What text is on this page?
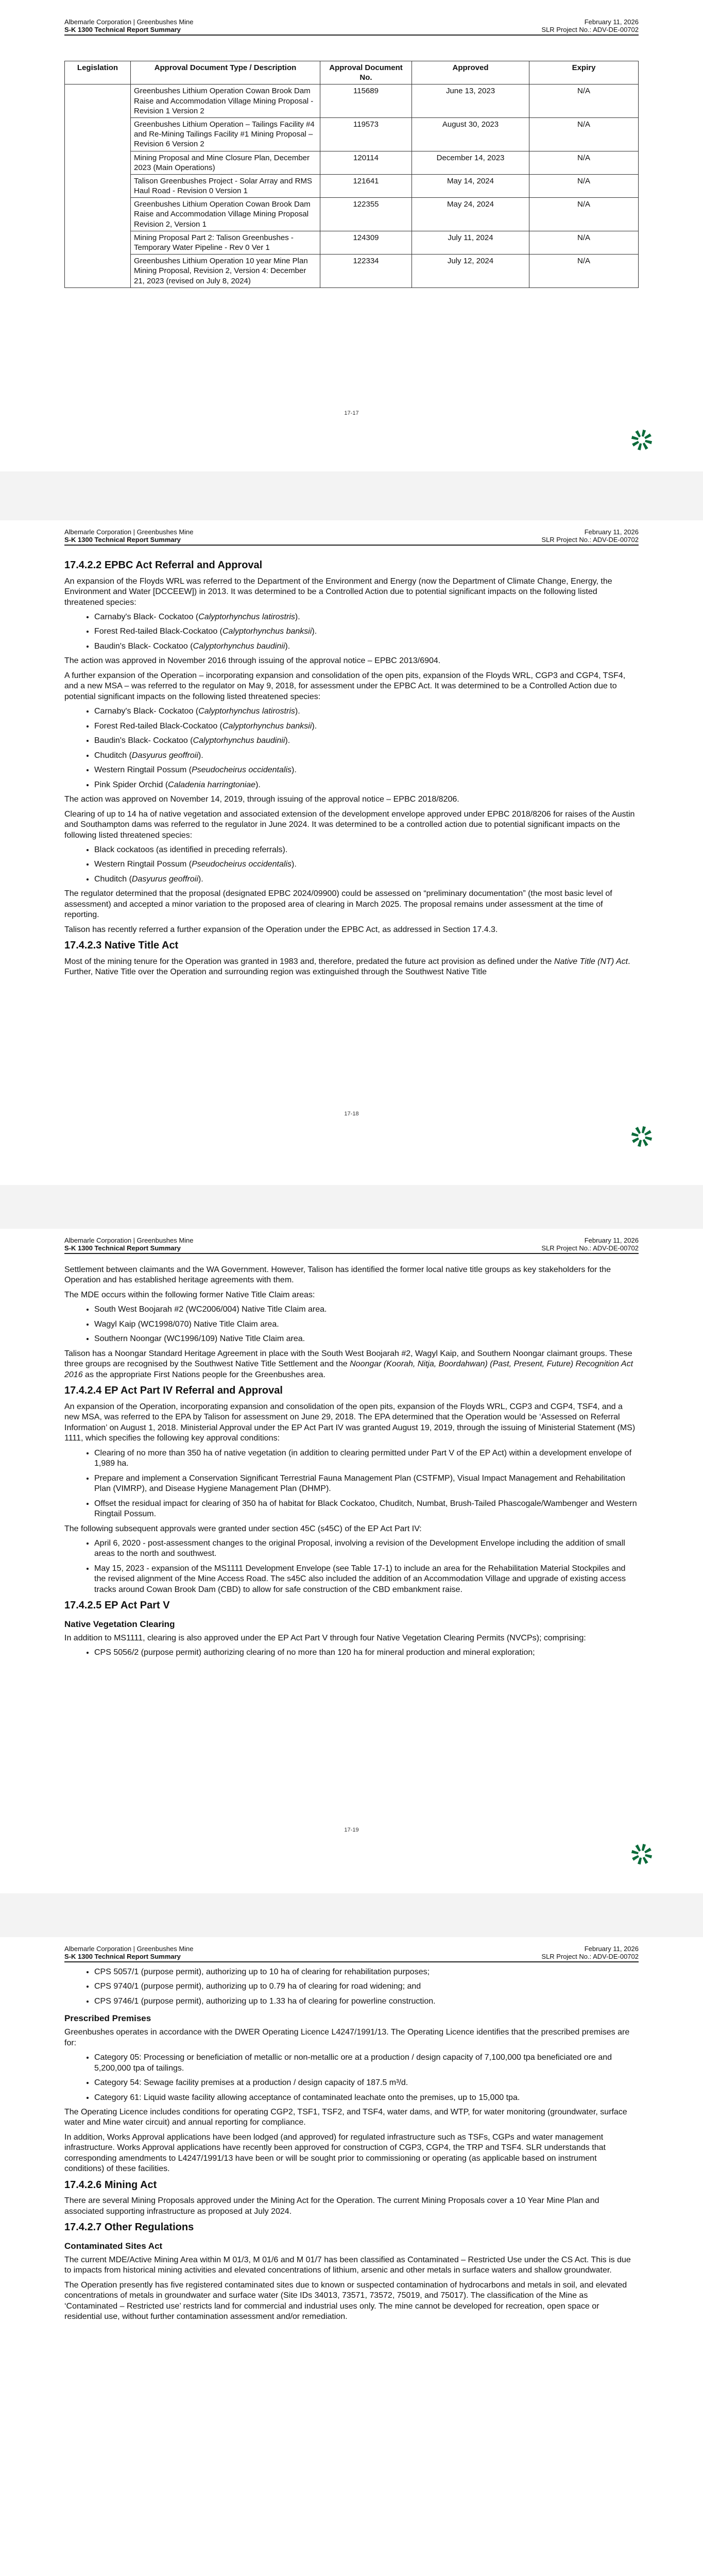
Albemarle Corporation | Greenbushes Mine
S-K 1300 Technical Report Summary
February 11, 2026
SLR Project No.: ADV-DE-00702
Legislation	Approval Document Type / Description	Approval Document No.	Approved	Expiry
	Greenbushes Lithium Operation Cowan Brook Dam Raise and Accommodation Village Mining Proposal - Revision 1 Version 2	115689	June 13, 2023	N/A
	Greenbushes Lithium Operation – Tailings Facility #4 and Re-Mining Tailings Facility #1 Mining Proposal – Revision 6 Version 2	119573	August 30, 2023	N/A
	Mining Proposal and Mine Closure Plan, December 2023 (Main Operations)	120114	December 14, 2023	N/A
	Talison Greenbushes Project - Solar Array and RMS Haul Road - Revision 0 Version 1	121641	May 14, 2024	N/A
	Greenbushes Lithium Operation Cowan Brook Dam Raise and Accommodation Village Mining Proposal Revision 2, Version 1	122355	May 24, 2024	N/A
	Mining Proposal Part 2: Talison Greenbushes - Temporary Water Pipeline - Rev 0 Ver 1	124309	July 11, 2024	N/A
	Greenbushes Lithium Operation 10 year Mine Plan Mining Proposal, Revision 2, Version 4: December 21, 2023 (revised on July 8, 2024)	122334	July 12, 2024	N/A
17-17
Albemarle Corporation | Greenbushes Mine
S-K 1300 Technical Report Summary
February 11, 2026
SLR Project No.: ADV-DE-00702
17.4.2.2 EPBC Act Referral and Approval

An expansion of the Floyds WRL was referred to the Department of the Environment and Energy (now the Department of Climate Change, Energy, the Environment and Water [DCCEEW]) in 2013. It was determined to be a Controlled Action due to potential significant impacts on the following listed threatened species:

• Carnaby's Black- Cockatoo (Calyptorhynchus latirostris).
• Forest Red-tailed Black-Cockatoo (Calyptorhynchus banksii).
• Baudin's Black- Cockatoo (Calyptorhynchus baudinii).

The action was approved in November 2016 through issuing of the approval notice – EPBC 2013/6904.

A further expansion of the Operation – incorporating expansion and consolidation of the open pits, expansion of the Floyds WRL, CGP3 and CGP4, TSF4, and a new MSA – was referred to the regulator on May 9, 2018, for assessment under the EPBC Act. It was determined to be a Controlled Action due to potential significant impacts on the following listed threatened species:

• Carnaby's Black- Cockatoo (Calyptorhynchus latirostris).
• Forest Red-tailed Black-Cockatoo (Calyptorhynchus banksii).
• Baudin's Black- Cockatoo (Calyptorhynchus baudinii).
• Chuditch (Dasyurus geoffroii).
• Western Ringtail Possum (Pseudocheirus occidentalis).
• Pink Spider Orchid (Caladenia harringtoniae).

The action was approved on November 14, 2019, through issuing of the approval notice – EPBC 2018/8206.

Clearing of up to 14 ha of native vegetation and associated extension of the development envelope approved under EPBC 2018/8206 for raises of the Austin and Southampton dams was referred to the regulator in June 2024. It was determined to be a controlled action due to potential significant impacts on the following listed threatened species:

• Black cockatoos (as identified in preceding referrals).
• Western Ringtail Possum (Pseudocheirus occidentalis).
• Chuditch (Dasyurus geoffroii).

The regulator determined that the proposal (designated EPBC 2024/09900) could be assessed on “preliminary documentation” (the most basic level of assessment) and accepted a minor variation to the proposed area of clearing in March 2025. The proposal remains under assessment at the time of reporting.

Talison has recently referred a further expansion of the Operation under the EPBC Act, as addressed in Section 17.4.3.

17.4.2.3 Native Title Act

Most of the mining tenure for the Operation was granted in 1983 and, therefore, predated the future act provision as defined under the Native Title (NT) Act. Further, Native Title over the Operation and surrounding region was extinguished through the Southwest Native Title

17-18
Albemarle Corporation | Greenbushes Mine
S-K 1300 Technical Report Summary
February 11, 2026
SLR Project No.: ADV-DE-00702

Settlement between claimants and the WA Government. However, Talison has identified the former local native title groups as key stakeholders for the Operation and has established heritage agreements with them.

The MDE occurs within the following former Native Title Claim areas:

• South West Boojarah #2 (WC2006/004) Native Title Claim area.
• Wagyl Kaip (WC1998/070) Native Title Claim area.
• Southern Noongar (WC1996/109) Native Title Claim area.

Talison has a Noongar Standard Heritage Agreement in place with the South West Boojarah #2, Wagyl Kaip, and Southern Noongar claimant groups. These three groups are recognised by the Southwest Native Title Settlement and the Noongar (Koorah, Nitja, Boordahwan) (Past, Present, Future) Recognition Act 2016 as the appropriate First Nations people for the Greenbushes area.

17.4.2.4 EP Act Part IV Referral and Approval

An expansion of the Operation, incorporating expansion and consolidation of the open pits, expansion of the Floyds WRL, CGP3 and CGP4, TSF4, and a new MSA, was referred to the EPA by Talison for assessment on June 29, 2018. The EPA determined that the Operation would be ‘Assessed on Referral Information’ on August 1, 2018. Ministerial Approval under the EP Act Part IV was granted August 19, 2019, through the issuing of Ministerial Statement (MS) 1111, which specifies the following key approval conditions:

• Clearing of no more than 350 ha of native vegetation (in addition to clearing permitted under Part V of the EP Act) within a development envelope of 1,989 ha.
• Prepare and implement a Conservation Significant Terrestrial Fauna Management Plan (CSTFMP), Visual Impact Management and Rehabilitation Plan (VIMRP), and Disease Hygiene Management Plan (DHMP).
• Offset the residual impact for clearing of 350 ha of habitat for Black Cockatoo, Chuditch, Numbat, Brush-Tailed Phascogale/Wambenger and Western Ringtail Possum.

The following subsequent approvals were granted under section 45C (s45C) of the EP Act Part IV:

• April 6, 2020 - post-assessment changes to the original Proposal, involving a revision of the Development Envelope including the addition of small areas to the north and southwest.
• May 15, 2023 - expansion of the MS1111 Development Envelope (see Table 17-1) to include an area for the Rehabilitation Material Stockpiles and the revised alignment of the Mine Access Road. The s45C also included the addition of an Accommodation Village and upgrade of existing access tracks around Cowan Brook Dam (CBD) to allow for safe construction of the CBD embankment raise.
17.4.2.5 EP Act Part V
Native Vegetation Clearing

In addition to MS1111, clearing is also approved under the EP Act Part V through four Native Vegetation Clearing Permits (NVCPs); comprising:

• CPS 5056/2 (purpose permit) authorizing clearing of no more than 120 ha for mineral production and mineral exploration;
17-19
Albemarle Corporation | Greenbushes Mine
S-K 1300 Technical Report Summary
February 11, 2026
SLR Project No.: ADV-DE-00702
• CPS 5057/1 (purpose permit), authorizing up to 10 ha of clearing for rehabilitation purposes;
• CPS 9740/1 (purpose permit), authorizing up to 0.79 ha of clearing for road widening; and
• CPS 9746/1 (purpose permit), authorizing up to 1.33 ha of clearing for powerline construction.
Prescribed Premises

Greenbushes operates in accordance with the DWER Operating Licence L4247/1991/13. The Operating Licence identifies that the prescribed premises are for:

• Category 05: Processing or beneficiation of metallic or non-metallic ore at a production / design capacity of 7,100,000 tpa beneficiated ore and 5,200,000 tpa of tailings.
• Category 54: Sewage facility premises at a production / design capacity of 187.5 m³/d.
• Category 61: Liquid waste facility allowing acceptance of contaminated leachate onto the premises, up to 15,000 tpa.

The Operating Licence includes conditions for operating CGP2, TSF1, TSF2, and TSF4, water dams, and WTP, for water monitoring (groundwater, surface water and Mine water circuit) and annual reporting for compliance.

In addition, Works Approval applications have been lodged (and approved) for regulated infrastructure such as TSFs, CGPs and water management infrastructure. Works Approval applications have recently been approved for construction of CGP3, CGP4, the TRP and TSF4. SLR understands that corresponding amendments to L4247/1991/13 have been or will be sought prior to commissioning or operating (as applicable based on instrument conditions) of these facilities.

17.4.2.6 Mining Act

There are several Mining Proposals approved under the Mining Act for the Operation. The current Mining Proposals cover a 10 Year Mine Plan and associated supporting infrastructure as proposed at July 2024.

17.4.2.7 Other Regulations
Contaminated Sites Act

The current MDE/Active Mining Area within M 01/3, M 01/6 and M 01/7 has been classified as Contaminated – Restricted Use under the CS Act. This is due to impacts from historical mining activities and elevated concentrations of lithium, arsenic and other metals in surface waters and shallow groundwater.

The Operation presently has five registered contaminated sites due to known or suspected contamination of hydrocarbons and metals in soil, and elevated concentrations of metals in groundwater and surface water (Site IDs 34013, 73571, 73572, 75019, and 75017). The classification of the Mine as ‘Contaminated – Restricted use’ restricts land for commercial and industrial uses only. The mine cannot be developed for recreation, open space or residential use, without further contamination assessment and/or remediation.
